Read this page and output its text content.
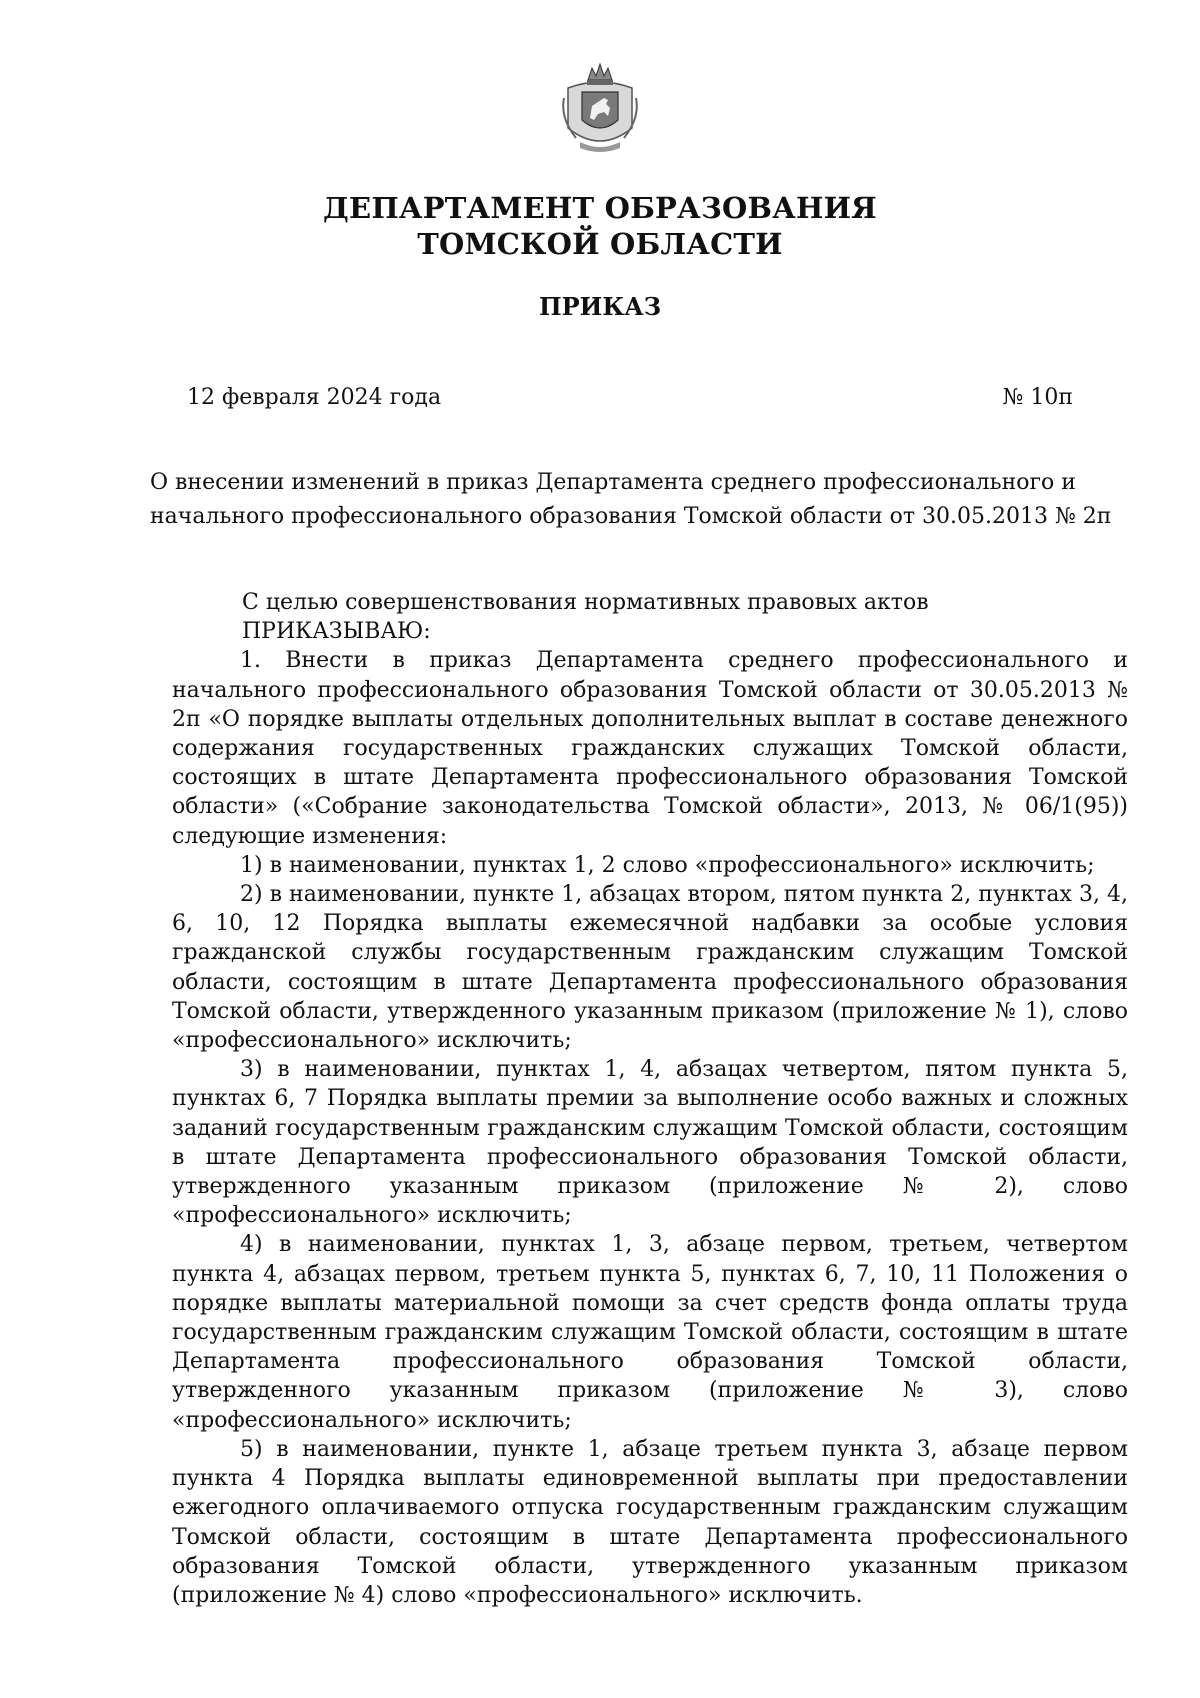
ДЕПАРТАМЕНТ ОБРАЗОВАНИЯ
ТОМСКОЙ ОБЛАСТИ
ПРИКАЗ
12 февраля 2024 года	№ 10п
О внесении изменений в приказ Департамента среднего профессионального и
начального профессионального образования Томской области от 30.05.2013 № 2п

С целью совершенствования нормативных правовых актов

ПРИКАЗЫВАЮ:

1. Внести в приказ Департамента среднего профессионального и начального профессионального образования Томской области от 30.05.2013 № 2п «О порядке выплаты отдельных дополнительных выплат в составе денежного содержания государственных гражданских служащих Томской области, состоящих в штате Департамента профессионального образования Томской области» («Собрание законодательства Томской области», 2013, № 06/1(95)) следующие изменения:

1) в наименовании, пунктах 1, 2 слово «профессионального» исключить;

2) в наименовании, пункте 1, абзацах втором, пятом пункта 2, пунктах 3, 4, 6, 10, 12 Порядка выплаты ежемесячной надбавки за особые условия гражданской службы государственным гражданским служащим Томской области, состоящим в штате Департамента профессионального образования Томской области, утвержденного указанным приказом (приложение № 1), слово «профессионального» исключить;

3) в наименовании, пунктах 1, 4, абзацах четвертом, пятом пункта 5, пунктах 6, 7 Порядка выплаты премии за выполнение особо важных и сложных заданий государственным гражданским служащим Томской области, состоящим в штате Департамента профессионального образования Томской области, утвержденного указанным приказом (приложение № 2), слово «профессионального» исключить;

4) в наименовании, пунктах 1, 3, абзаце первом, третьем, четвертом пункта 4, абзацах первом, третьем пункта 5, пунктах 6, 7, 10, 11 Положения о порядке выплаты материальной помощи за счет средств фонда оплаты труда государственным гражданским служащим Томской области, состоящим в штате Департамента профессионального образования Томской области, утвержденного указанным приказом (приложение № 3), слово «профессионального» исключить;

5) в наименовании, пункте 1, абзаце третьем пункта 3, абзаце первом пункта 4 Порядка выплаты единовременной выплаты при предоставлении ежегодного оплачиваемого отпуска государственным гражданским служащим Томской области, состоящим в штате Департамента профессионального образования Томской области, утвержденного указанным приказом (приложение № 4) слово «профессионального» исключить.
